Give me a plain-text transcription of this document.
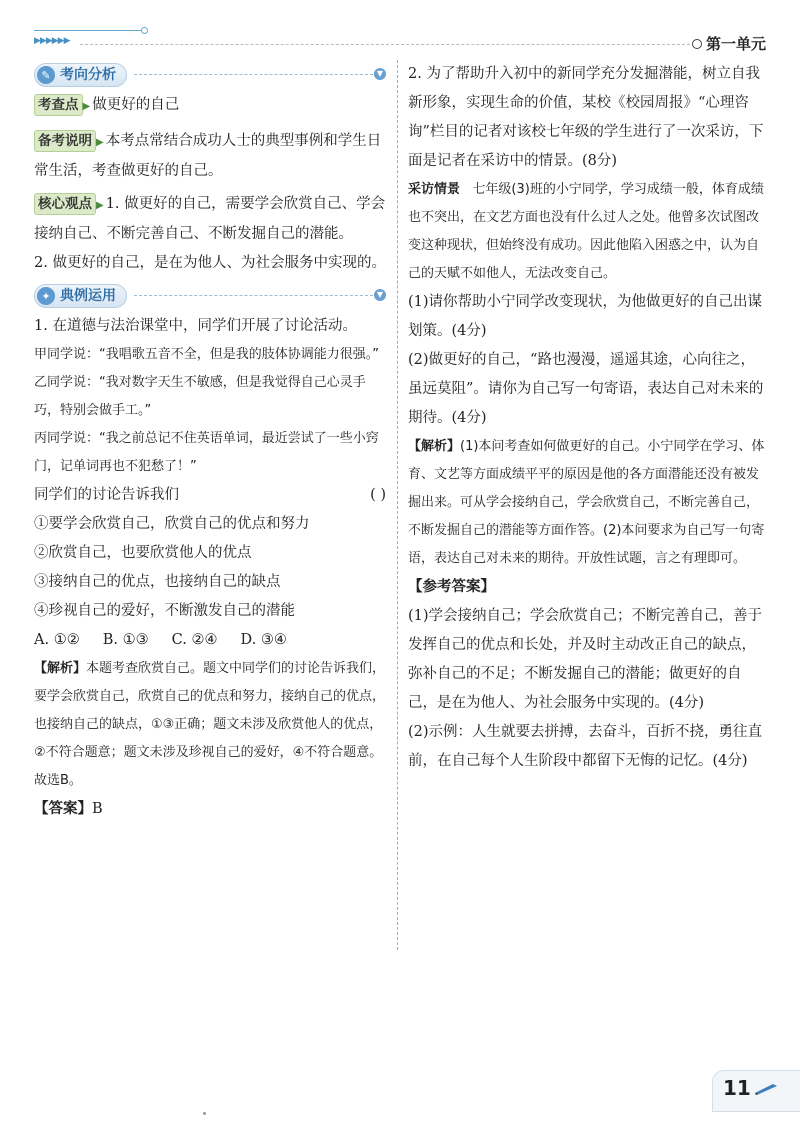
▶▶▶▶▶▶	第一单元
✎ 考向分析	▼

考查点 ▶ 做更好的自己

备考说明 ▶ 本考点常结合成功人士的典型事例和学生日常生活，考查做更好的自己。

核心观点 ▶ 1. 做更好的自己，需要学会欣赏自己、学会接纳自己、不断完善自己、不断发掘自己的潜能。

2. 做更好的自己，是在为他人、为社会服务中实现的。

✦ 典例运用	▼

1. 在道德与法治课堂中，同学们开展了讨论活动。

甲同学说：“我唱歌五音不全，但是我的肢体协调能力很强。”

乙同学说：“我对数字天生不敏感，但是我觉得自己心灵手巧，特别会做手工。”

丙同学说：“我之前总记不住英语单词，最近尝试了一些小窍门，记单词再也不犯愁了！”

同学们的讨论告诉我们	( )

①要学会欣赏自己，欣赏自己的优点和努力

②欣赏自己，也要欣赏他人的优点

③接纳自己的优点，也接纳自己的缺点

④珍视自己的爱好，不断激发自己的潜能

A. ①②     B. ①③     C. ②④     D. ③④

【解析】本题考查欣赏自己。题文中同学们的讨论告诉我们，要学会欣赏自己，欣赏自己的优点和努力，接纳自己的优点，也接纳自己的缺点，①③正确；题文未涉及欣赏他人的优点，②不符合题意；题文未涉及珍视自己的爱好，④不符合题意。故选B。

【答案】B

2. 为了帮助升入初中的新同学充分发掘潜能，树立自我新形象，实现生命的价值，某校《校园周报》“心理咨询”栏目的记者对该校七年级的学生进行了一次采访，下面是记者在采访中的情景。(8分)

采访情景 七年级(3)班的小宁同学，学习成绩一般，体育成绩也不突出，在文艺方面也没有什么过人之处。他曾多次试图改变这种现状，但始终没有成功。因此他陷入困惑之中，认为自己的天赋不如他人，无法改变自己。

(1)请你帮助小宁同学改变现状，为他做更好的自己出谋划策。(4分)

(2)做更好的自己，“路也漫漫，遥遥其途，心向往之，虽远莫阻”。请你为自己写一句寄语，表达自己对未来的期待。(4分)

【解析】(1)本问考查如何做更好的自己。小宁同学在学习、体育、文艺等方面成绩平平的原因是他的各方面潜能还没有被发掘出来。可从学会接纳自己，学会欣赏自己，不断完善自己，不断发掘自己的潜能等方面作答。(2)本问要求为自己写一句寄语，表达自己对未来的期待。开放性试题，言之有理即可。

【参考答案】

(1)学会接纳自己；学会欣赏自己；不断完善自己，善于发挥自己的优点和长处，并及时主动改正自己的缺点，弥补自己的不足；不断发掘自己的潜能；做更好的自己，是在为他人、为社会服务中实现的。(4分)

(2)示例：人生就要去拼搏，去奋斗，百折不挠，勇往直前，在自己每个人生阶段中都留下无悔的记忆。(4分)

11
